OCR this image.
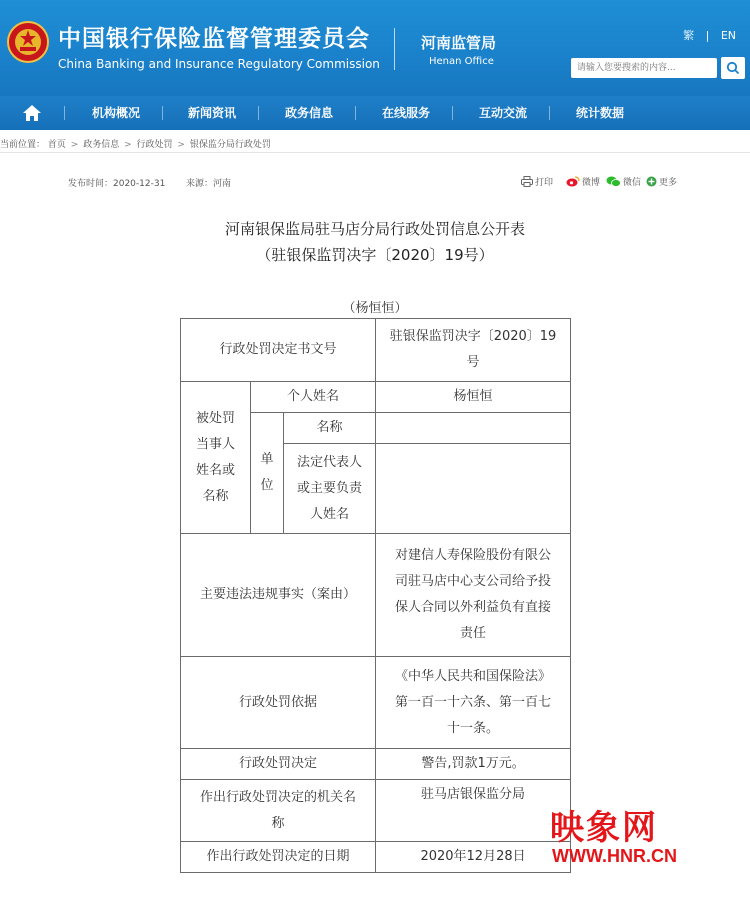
中国银行保险监督管理委员会
China Banking and Insurance Regulatory Commission
河南监管局
Henan Office
繁 | EN
请输入您要搜索的内容...
机构概况	新闻资讯	政务信息	在线服务	互动交流	统计数据
当前位置： 首页 > 政务信息 > 行政处罚 > 银保监分局行政处罚
发布时间：2020-12-31 来源：河南	打印	微博	微信 更多
河南银保监局驻马店分局行政处罚信息公开表
（驻银保监罚决字〔2020〕19号）
（杨恒恒）
行政处罚决定书文号			驻银保监罚决字〔2020〕19
号

被处罚
当事人
姓名或
名称	个人姓名		杨恒恒

	单
位	名称	

		法定代表人
或主要负责
人姓名	

主要违法违规事实（案由）			对建信人寿保险股份有限公
司驻马店中心支公司给予投
保人合同以外利益负有直接
责任

行政处罚依据			《中华人民共和国保险法》
第一百一十六条、第一百七
十一条。

行政处罚决定			警告,罚款1万元。

作出行政处罚决定的机关名
称			驻马店银保监分局
作出行政处罚决定的日期			2020年12月28日
映象网
WWW.HNR.CN
